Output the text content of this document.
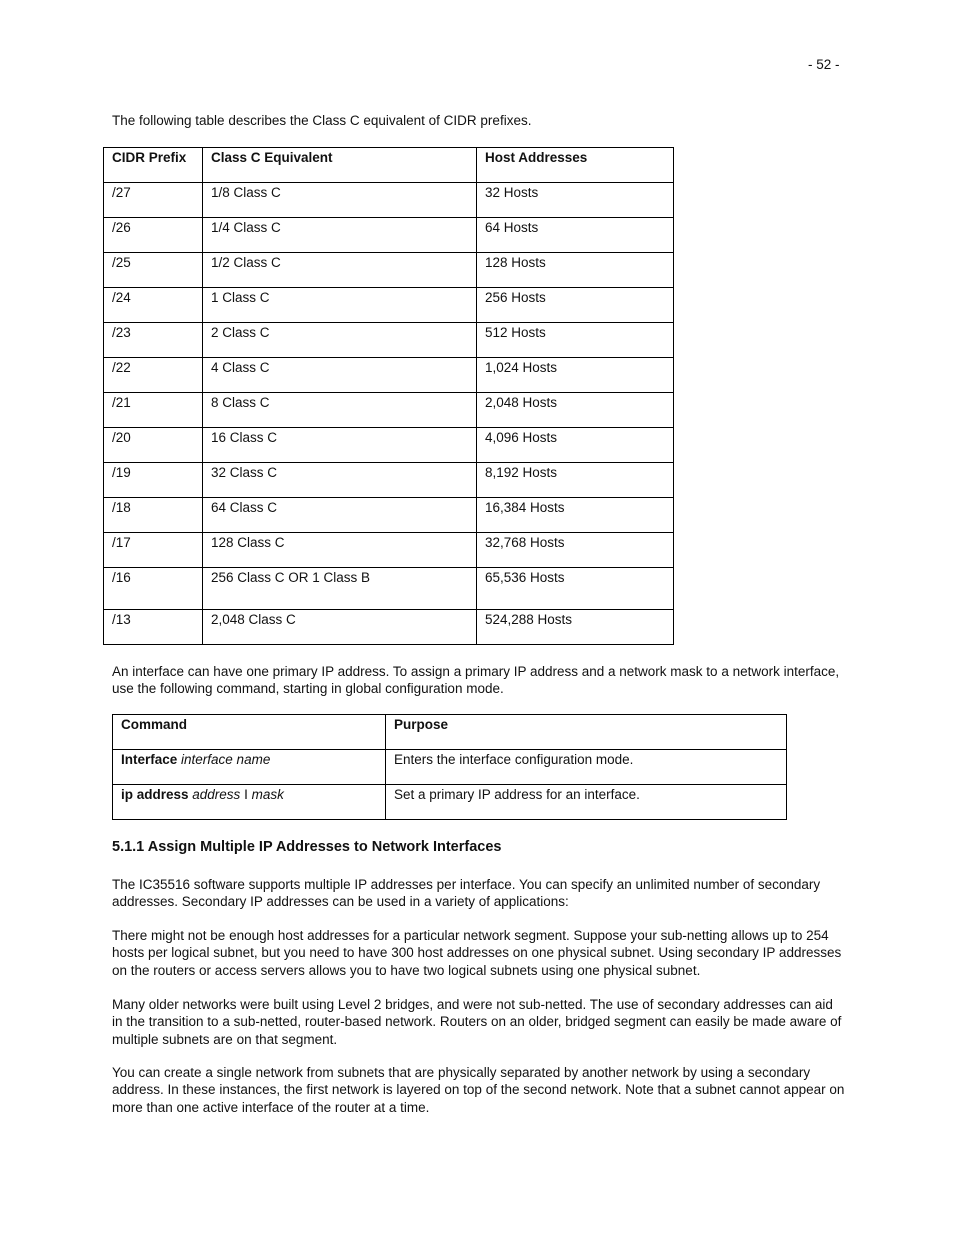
- 52 -
The following table describes the Class C equivalent of CIDR prefixes.
CIDR Prefix	Class C Equivalent	Host Addresses
/27	1/8 Class C	32 Hosts
/26	1/4 Class C	64 Hosts
/25	1/2 Class C	128 Hosts
/24	1 Class C	256 Hosts
/23	2 Class C	512 Hosts
/22	4 Class C	1,024 Hosts
/21	8 Class C	2,048 Hosts
/20	16 Class C	4,096 Hosts
/19	32 Class C	8,192 Hosts
/18	64 Class C	16,384 Hosts
/17	128 Class C	32,768 Hosts
/16	256 Class C OR 1 Class B	65,536 Hosts
/13	2,048 Class C	524,288 Hosts
An interface can have one primary IP address. To assign a primary IP address and a network mask to a network interface, use the following command, starting in global configuration mode.
Command	Purpose
Interface interface name	Enters the interface configuration mode.
ip address address I mask	Set a primary IP address for an interface.
5.1.1 Assign Multiple IP Addresses to Network Interfaces
The IC35516 software supports multiple IP addresses per interface. You can specify an unlimited number of secondary addresses. Secondary IP addresses can be used in a variety of applications:
There might not be enough host addresses for a particular network segment. Suppose your sub-netting allows up to 254 hosts per logical subnet, but you need to have 300 host addresses on one physical subnet. Using secondary IP addresses on the routers or access servers allows you to have two logical subnets using one physical subnet.
Many older networks were built using Level 2 bridges, and were not sub-netted. The use of secondary addresses can aid in the transition to a sub-netted, router-based network. Routers on an older, bridged segment can easily be made aware of multiple subnets are on that segment.
You can create a single network from subnets that are physically separated by another network by using a secondary address. In these instances, the first network is layered on top of the second network. Note that a subnet cannot appear on more than one active interface of the router at a time.
